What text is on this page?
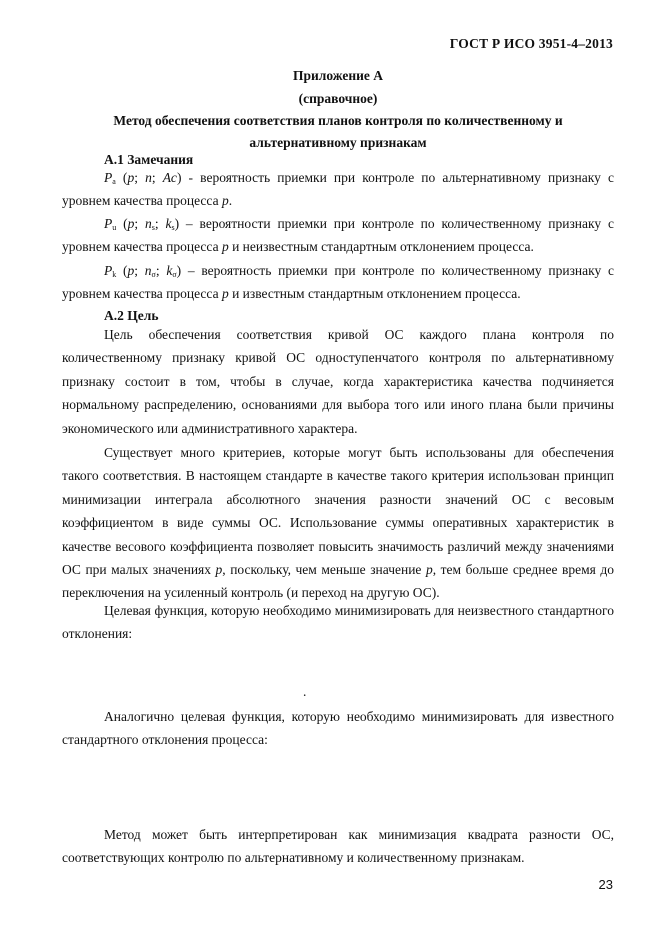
ГОСТ Р ИСО 3951-4–2013
Приложение А
(справочное)
Метод обеспечения соответствия планов контроля по количественному и
альтернативному признакам
А.1 Замечания
$P_a$ (p; n; Ac) - вероятность приемки при контроле по альтернативному признаку с уровнем качества процесса p.
$P_u$ (p; $n_s$; $k_s$) – вероятности приемки при контроле по количественному признаку с уровнем качества процесса p и неизвестным стандартным отклонением процесса.
$P_k$ (p; $n_\sigma$; $k_\sigma$) – вероятность приемки при контроле по количественному признаку с уровнем качества процесса p и известным стандартным отклонением процесса.
А.2 Цель
Цель обеспечения соответствия кривой ОС каждого плана контроля по количественному признаку кривой ОС одноступенчатого контроля по альтернативному признаку состоит в том, чтобы в случае, когда характеристика качества подчиняется нормальному распределению, основаниями для выбора того или иного плана были причины экономического или административного характера.
Существует много критериев, которые могут быть использованы для обеспечения такого соответствия. В настоящем стандарте в качестве такого критерия использован принцип минимизации интеграла абсолютного значения разности значений ОС с весовым коэффициентом в виде суммы ОС. Использование суммы оперативных характеристик в качестве весового коэффициента позволяет повысить значимость различий между значениями ОС при малых значениях p, поскольку, чем меньше значение p, тем больше среднее время до переключения на усиленный контроль (и переход на другую ОС).
Целевая функция, которую необходимо минимизировать для неизвестного стандартного отклонения:
.
Аналогично целевая функция, которую необходимо минимизировать для известного стандартного отклонения процесса:
Метод может быть интерпретирован как минимизация квадрата разности ОС, соответствующих контролю по альтернативному и количественному признакам.
23
